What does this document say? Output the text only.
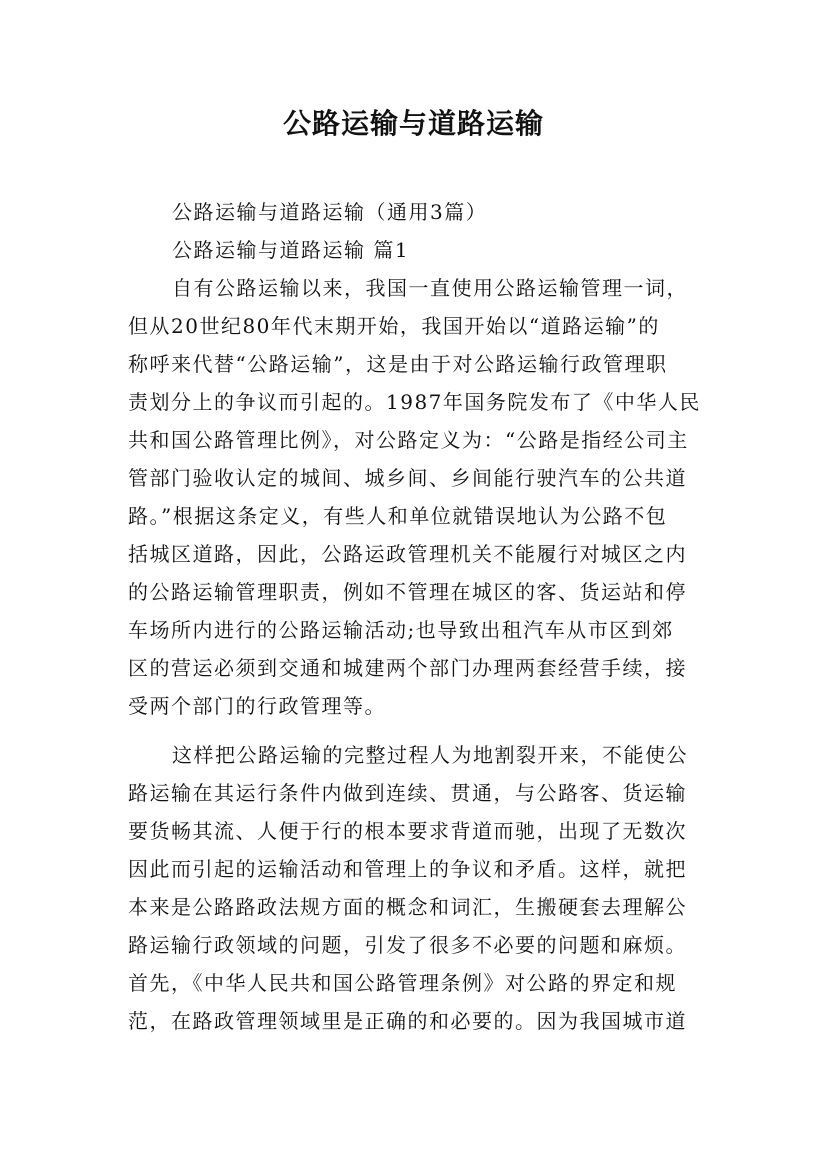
公路运输与道路运输
公路运输与道路运输（通用3篇）
公路运输与道路运输 篇1
自有公路运输以来，我国一直使用公路运输管理一词，
但从20世纪80年代末期开始，我国开始以“道路运输”的
称呼来代替“公路运输”，这是由于对公路运输行政管理职
责划分上的争议而引起的。1987年国务院发布了《中华人民
共和国公路管理比例》，对公路定义为：“公路是指经公司主
管部门验收认定的城间、城乡间、乡间能行驶汽车的公共道
路。”根据这条定义，有些人和单位就错误地认为公路不包
括城区道路，因此，公路运政管理机关不能履行对城区之内
的公路运输管理职责，例如不管理在城区的客、货运站和停
车场所内进行的公路运输活动;也导致出租汽车从市区到郊
区的营运必须到交通和城建两个部门办理两套经营手续，接
受两个部门的行政管理等。
这样把公路运输的完整过程人为地割裂开来，不能使公
路运输在其运行条件内做到连续、贯通，与公路客、货运输
要货畅其流、人便于行的根本要求背道而驰，出现了无数次
因此而引起的运输活动和管理上的争议和矛盾。这样，就把
本来是公路路政法规方面的概念和词汇，生搬硬套去理解公
路运输行政领域的问题，引发了很多不必要的问题和麻烦。
首先，《中华人民共和国公路管理条例》对公路的界定和规
范，在路政管理领域里是正确的和必要的。因为我国城市道
